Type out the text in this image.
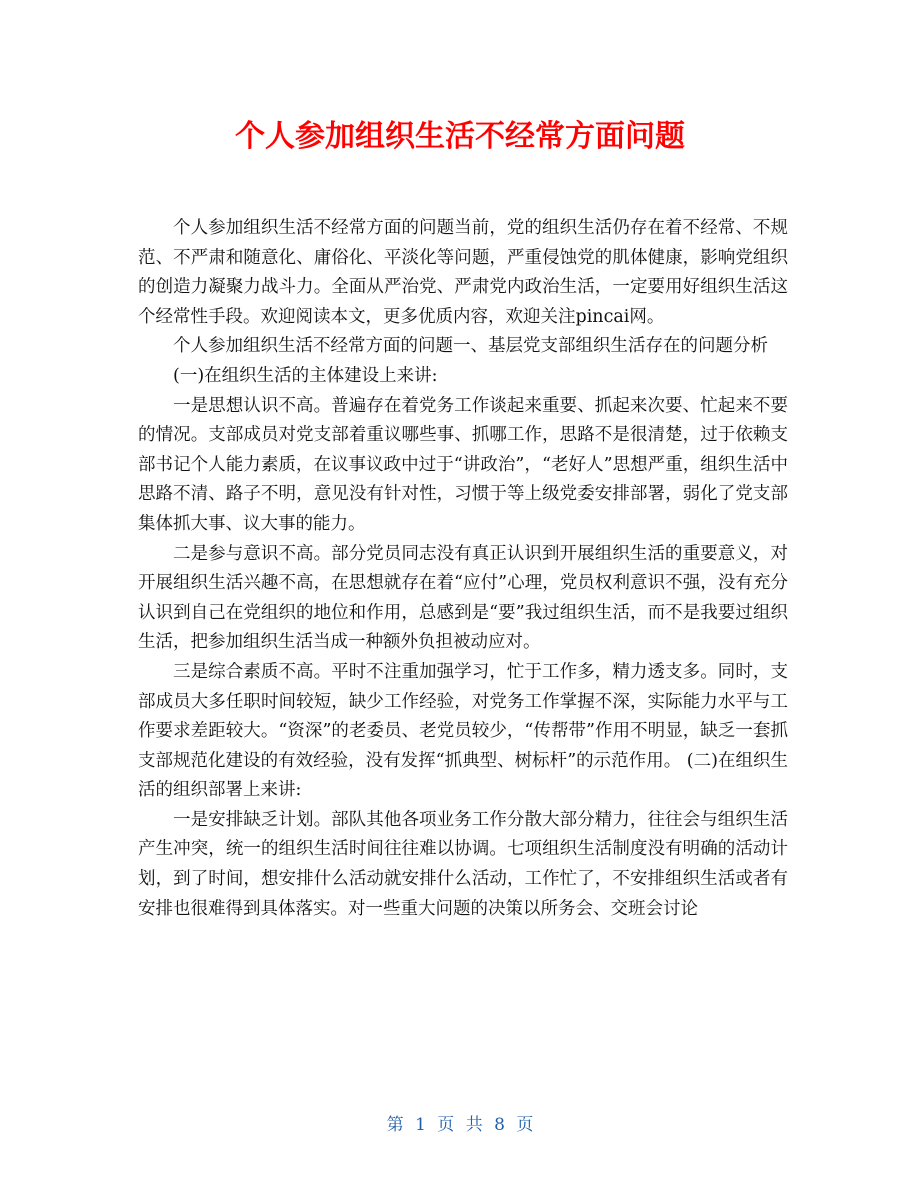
个人参加组织生活不经常方面问题

个人参加组织生活不经常方面的问题当前，党的组织生活仍存在着不经常、不规范、不严肃和随意化、庸俗化、平淡化等问题，严重侵蚀党的肌体健康，影响党组织的创造力凝聚力战斗力。全面从严治党、严肃党内政治生活，一定要用好组织生活这个经常性手段。欢迎阅读本文，更多优质内容，欢迎关注pincai网。

个人参加组织生活不经常方面的问题一、基层党支部组织生活存在的问题分析

(一)在组织生活的主体建设上来讲:

一是思想认识不高。普遍存在着党务工作谈起来重要、抓起来次要、忙起来不要的情况。支部成员对党支部着重议哪些事、抓哪工作，思路不是很清楚，过于依赖支部书记个人能力素质，在议事议政中过于“讲政治”，“老好人”思想严重，组织生活中思路不清、路子不明，意见没有针对性，习惯于等上级党委安排部署，弱化了党支部集体抓大事、议大事的能力。

二是参与意识不高。部分党员同志没有真正认识到开展组织生活的重要意义，对开展组织生活兴趣不高，在思想就存在着“应付”心理，党员权利意识不强，没有充分认识到自己在党组织的地位和作用，总感到是“要”我过组织生活，而不是我要过组织生活，把参加组织生活当成一种额外负担被动应对。

三是综合素质不高。平时不注重加强学习，忙于工作多，精力透支多。同时，支部成员大多任职时间较短，缺少工作经验，对党务工作掌握不深，实际能力水平与工作要求差距较大。“资深”的老委员、老党员较少，“传帮带”作用不明显，缺乏一套抓支部规范化建设的有效经验，没有发挥“抓典型、树标杆”的示范作用。 (二)在组织生活的组织部署上来讲:

一是安排缺乏计划。部队其他各项业务工作分散大部分精力，往往会与组织生活产生冲突，统一的组织生活时间往往难以协调。七项组织生活制度没有明确的活动计划，到了时间，想安排什么活动就安排什么活动，工作忙了，不安排组织生活或者有安排也很难得到具体落实。对一些重大问题的决策以所务会、交班会讨论

第 1 页 共 8 页
